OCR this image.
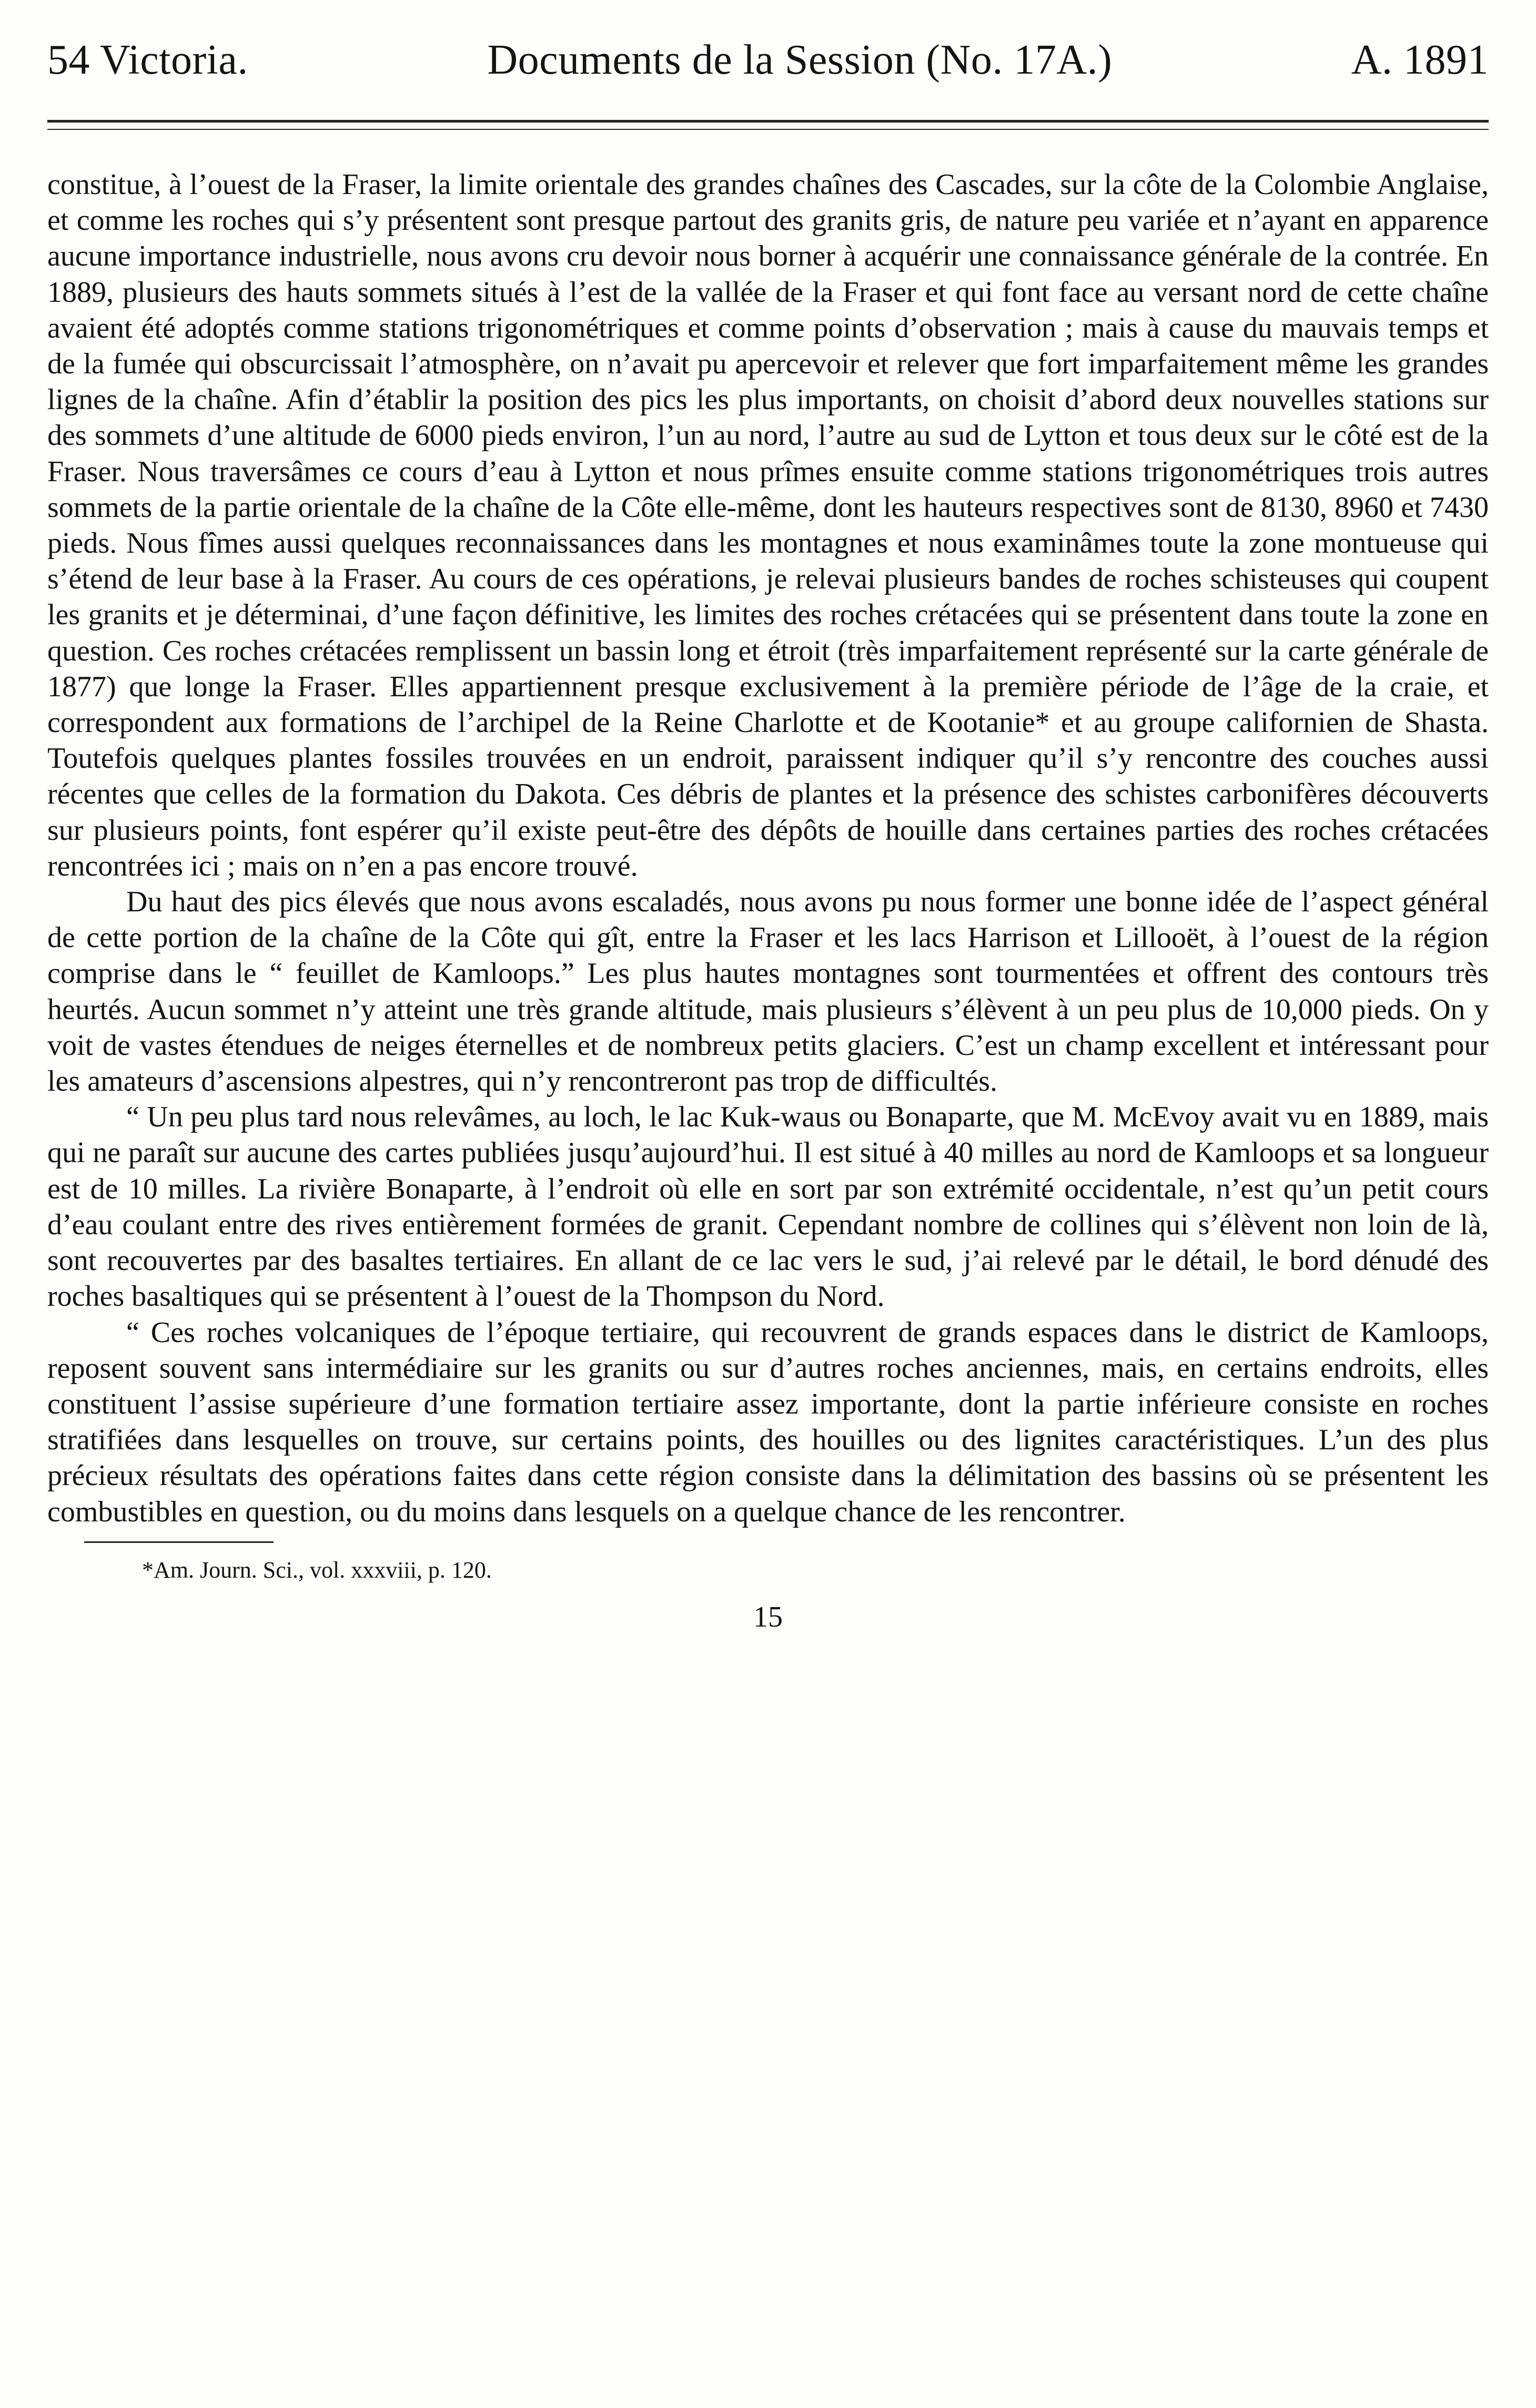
54 Victoria.	Documents de la Session (No. 17A.)	A. 1891

constitue, à l’ouest de la Fraser, la limite orientale des grandes chaînes des Cascades, sur la côte de la Colombie Anglaise, et comme les roches qui s’y présentent sont presque partout des granits gris, de nature peu variée et n’ayant en apparence aucune importance industrielle, nous avons cru devoir nous borner à acquérir une connaissance générale de la contrée. En 1889, plusieurs des hauts sommets situés à l’est de la vallée de la Fraser et qui font face au versant nord de cette chaîne avaient été adoptés comme stations trigonométriques et comme points d’observation ; mais à cause du mauvais temps et de la fumée qui obscurcissait l’atmosphère, on n’avait pu apercevoir et relever que fort imparfaitement même les grandes lignes de la chaîne. Afin d’établir la position des pics les plus importants, on choisit d’abord deux nouvelles stations sur des sommets d’une altitude de 6000 pieds environ, l’un au nord, l’autre au sud de Lytton et tous deux sur le côté est de la Fraser. Nous traversâmes ce cours d’eau à Lytton et nous prîmes ensuite comme stations trigonométriques trois autres sommets de la partie orientale de la chaîne de la Côte elle-même, dont les hauteurs respectives sont de 8130, 8960 et 7430 pieds. Nous fîmes aussi quelques reconnaissances dans les montagnes et nous examinâmes toute la zone montueuse qui s’étend de leur base à la Fraser. Au cours de ces opérations, je relevai plusieurs bandes de roches schisteuses qui coupent les granits et je déterminai, d’une façon définitive, les limites des roches crétacées qui se présentent dans toute la zone en question. Ces roches crétacées remplissent un bassin long et étroit (très imparfaitement représenté sur la carte générale de 1877) que longe la Fraser. Elles appartiennent presque exclusivement à la première période de l’âge de la craie, et correspondent aux formations de l’archipel de la Reine Charlotte et de Kootanie* et au groupe californien de Shasta. Toutefois quelques plantes fossiles trouvées en un endroit, paraissent indiquer qu’il s’y rencontre des couches aussi récentes que celles de la formation du Dakota. Ces débris de plantes et la présence des schistes carbonifères découverts sur plusieurs points, font espérer qu’il existe peut-être des dépôts de houille dans certaines parties des roches crétacées rencontrées ici ; mais on n’en a pas encore trouvé.

Du haut des pics élevés que nous avons escaladés, nous avons pu nous former une bonne idée de l’aspect général de cette portion de la chaîne de la Côte qui gît, entre la Fraser et les lacs Harrison et Lillooët, à l’ouest de la région comprise dans le “ feuillet de Kamloops.” Les plus hautes montagnes sont tourmentées et offrent des contours très heurtés. Aucun sommet n’y atteint une très grande altitude, mais plusieurs s’élèvent à un peu plus de 10,000 pieds. On y voit de vastes étendues de neiges éternelles et de nombreux petits glaciers. C’est un champ excellent et intéressant pour les amateurs d’ascensions alpestres, qui n’y rencontreront pas trop de difficultés.

“ Un peu plus tard nous relevâmes, au loch, le lac Kuk-waus ou Bonaparte, que M. McEvoy avait vu en 1889, mais qui ne paraît sur aucune des cartes publiées jusqu’aujourd’hui. Il est situé à 40 milles au nord de Kamloops et sa longueur est de 10 milles. La rivière Bonaparte, à l’endroit où elle en sort par son extrémité occidentale, n’est qu’un petit cours d’eau coulant entre des rives entièrement formées de granit. Cependant nombre de collines qui s’élèvent non loin de là, sont recouvertes par des basaltes tertiaires. En allant de ce lac vers le sud, j’ai relevé par le détail, le bord dénudé des roches basaltiques qui se présentent à l’ouest de la Thompson du Nord.

“ Ces roches volcaniques de l’époque tertiaire, qui recouvrent de grands espaces dans le district de Kamloops, reposent souvent sans intermédiaire sur les granits ou sur d’autres roches anciennes, mais, en certains endroits, elles constituent l’assise supérieure d’une formation tertiaire assez importante, dont la partie inférieure consiste en roches stratifiées dans lesquelles on trouve, sur certains points, des houilles ou des lignites caractéristiques. L’un des plus précieux résultats des opérations faites dans cette région consiste dans la délimitation des bassins où se présentent les combustibles en question, ou du moins dans lesquels on a quelque chance de les rencontrer.

*Am. Journ. Sci., vol. xxxviii, p. 120.
15
